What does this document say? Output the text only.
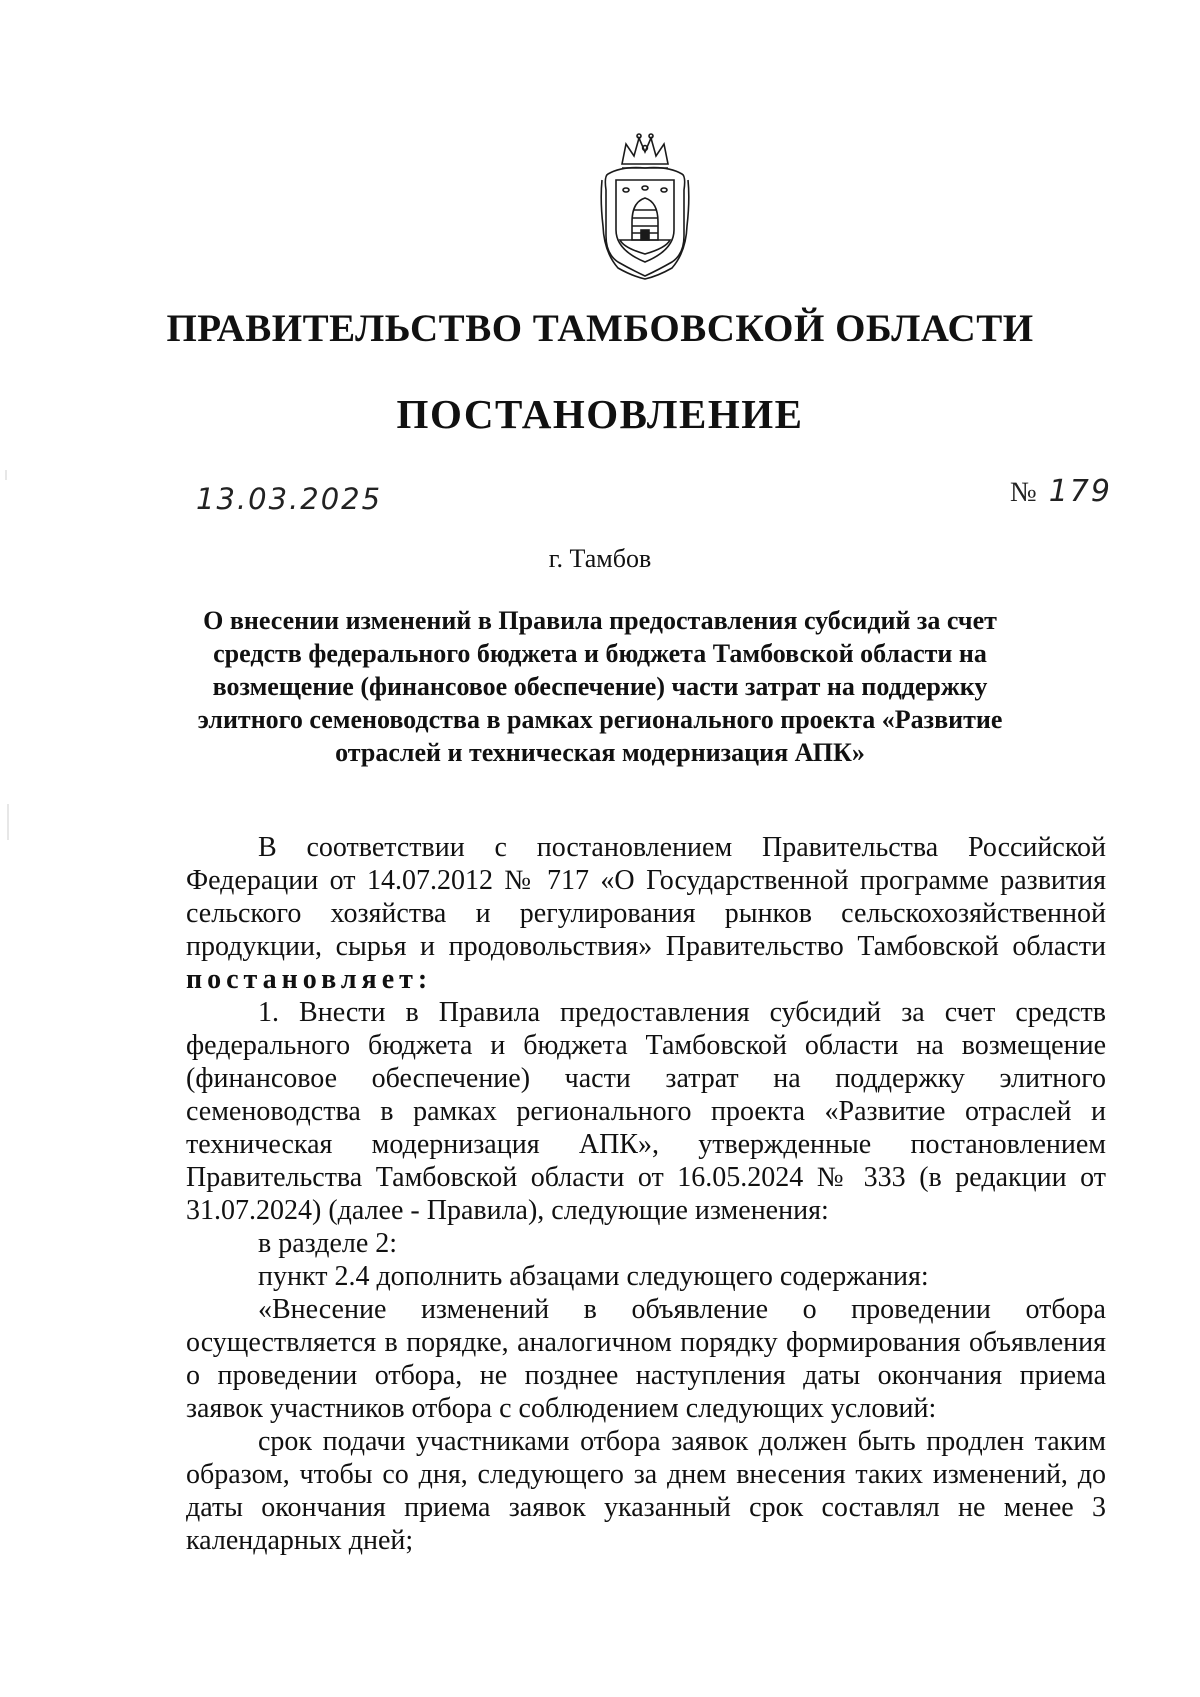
ПРАВИТЕЛЬСТВО ТАМБОВСКОЙ ОБЛАСТИ
ПОСТАНОВЛЕНИЕ
13.03.2025	№ 179

г. Тамбов

О внесении изменений в Правила предоставления субсидий за счет средств федерального бюджета и бюджета Тамбовской области на возмещение (финансовое обеспечение) части затрат на поддержку элитного семеноводства в рамках регионального проекта «Развитие отраслей и техническая модернизация АПК»

В соответствии с постановлением Правительства Российской Федерации от 14.07.2012 № 717 «О Государственной программе развития сельского хозяйства и регулирования рынков сельскохозяйственной продукции, сырья и продовольствия» Правительство Тамбовской области постановляет:

1. Внести в Правила предоставления субсидий за счет средств федерального бюджета и бюджета Тамбовской области на возмещение (финансовое обеспечение) части затрат на поддержку элитного семеноводства в рамках регионального проекта «Развитие отраслей и техническая модернизация АПК», утвержденные постановлением Правительства Тамбовской области от 16.05.2024 № 333 (в редакции от 31.07.2024) (далее - Правила), следующие изменения:

в разделе 2:

пункт 2.4 дополнить абзацами следующего содержания:

«Внесение изменений в объявление о проведении отбора осуществляется в порядке, аналогичном порядку формирования объявления о проведении отбора, не позднее наступления даты окончания приема заявок участников отбора с соблюдением следующих условий:

срок подачи участниками отбора заявок должен быть продлен таким образом, чтобы со дня, следующего за днем внесения таких изменений, до даты окончания приема заявок указанный срок составлял не менее 3 календарных дней;
